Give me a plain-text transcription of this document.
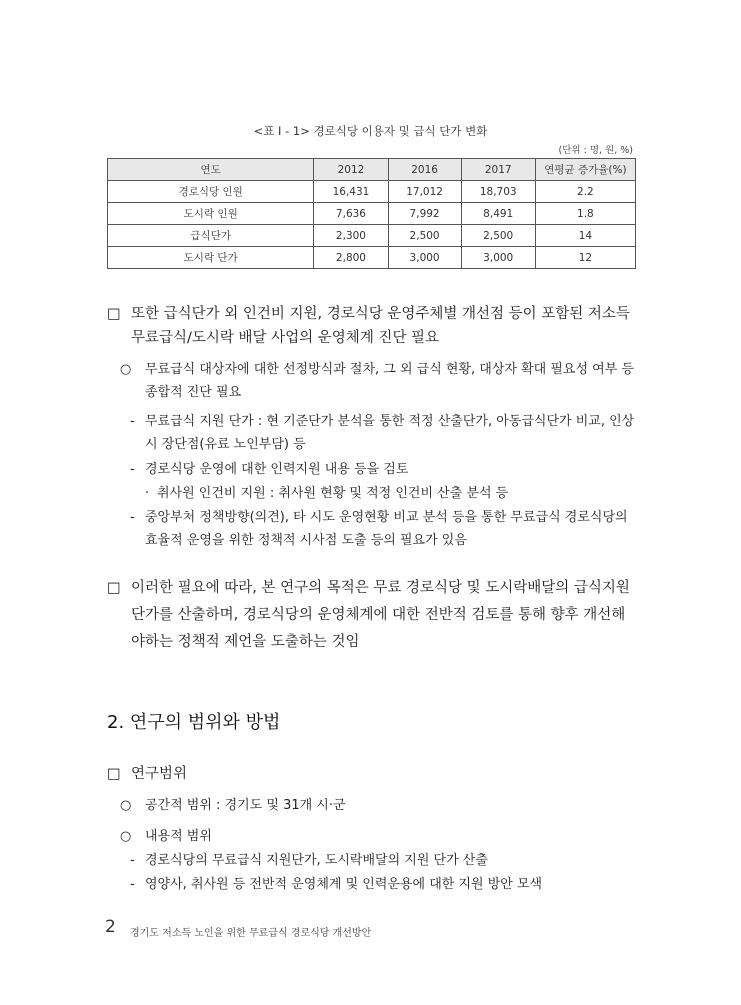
<표 Ⅰ - 1> 경로식당 이용자 및 급식 단가 변화
(단위 : 명, 원, %)
연도	2012	2016	2017	연평균 증가율(%)
경로식당 인원	16,431	17,012	18,703	2.2
도시락 인원	7,636	7,992	8,491	1.8
급식단가	2,300	2,500	2,500	14
도시락 단가	2,800	3,000	3,000	12
□ 또한 급식단가 외 인건비 지원, 경로식당 운영주체별 개선점 등이 포함된 저소득 무료급식/도시락 배달 사업의 운영체계 진단 필요
○ 무료급식 대상자에 대한 선정방식과 절차, 그 외 급식 현황, 대상자 확대 필요성 여부 등 종합적 진단 필요
- 무료급식 지원 단가 : 현 기준단가 분석을 통한 적정 산출단가, 아동급식단가 비교, 인상 시 장단점(유료 노인부담) 등
- 경로식당 운영에 대한 인력지원 내용 등을 검토
· 취사원 인건비 지원 : 취사원 현황 및 적정 인건비 산출 분석 등
- 중앙부처 정책방향(의견), 타 시도 운영현황 비교 분석 등을 통한 무료급식 경로식당의 효율적 운영을 위한 정책적 시사점 도출 등의 필요가 있음
□ 이러한 필요에 따라, 본 연구의 목적은 무료 경로식당 및 도시락배달의 급식지원 단가를 산출하며, 경로식당의 운영체계에 대한 전반적 검토를 통해 향후 개선해야하는 정책적 제언을 도출하는 것임
2. 연구의 범위와 방법
□ 연구범위
○ 공간적 범위 : 경기도 및 31개 시·군
○ 내용적 범위
- 경로식당의 무료급식 지원단가, 도시락배달의 지원 단가 산출
- 영양사, 취사원 등 전반적 운영체계 및 인력운용에 대한 지원 방안 모색
2 경기도 저소득 노인을 위한 무료급식 경로식당 개선방안
